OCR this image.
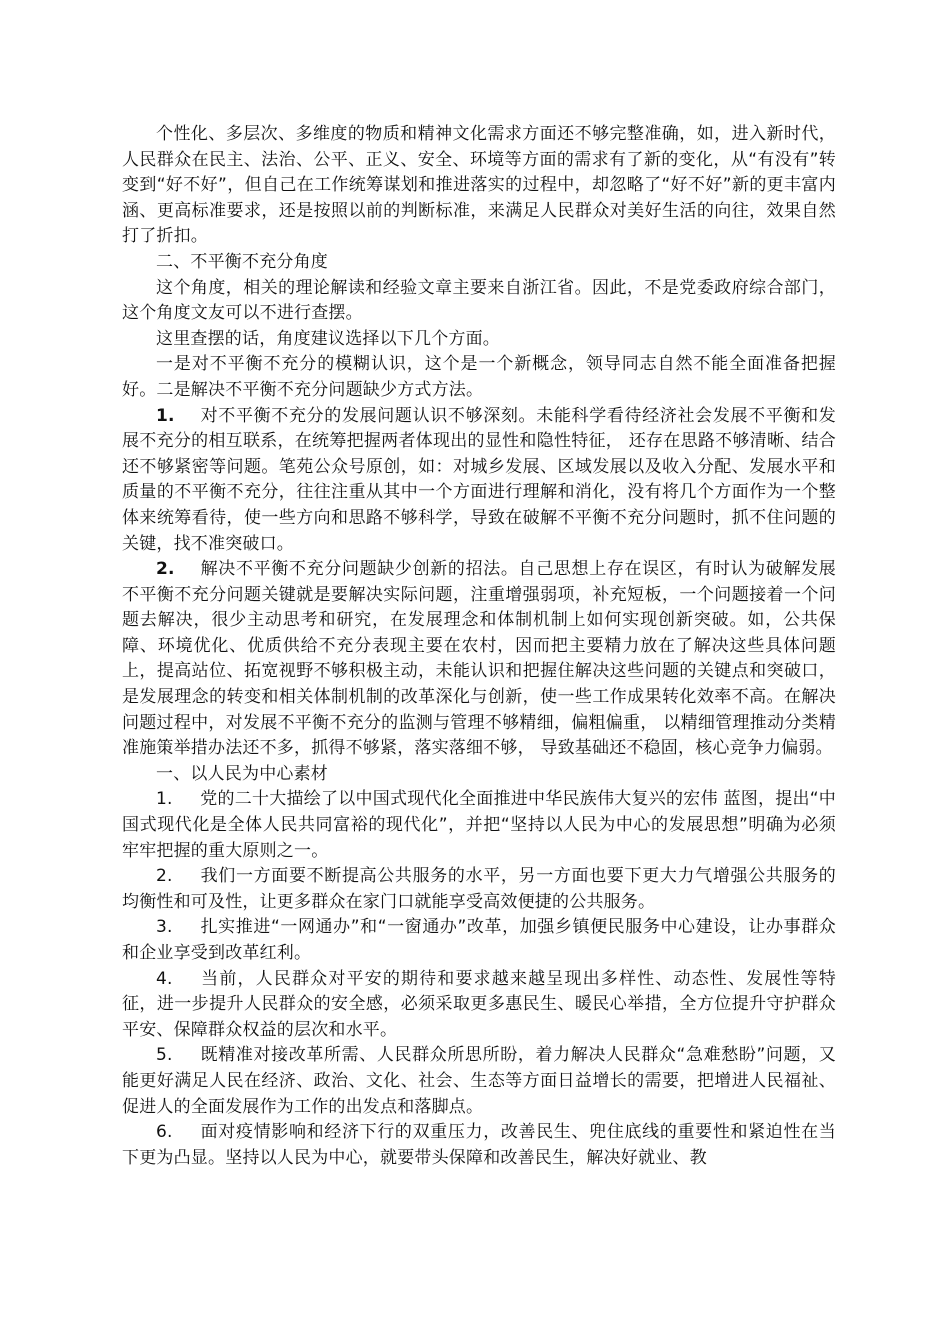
个性化、多层次、多维度的物质和精神文化需求方面还不够完整准确，如，进入新时代，人民群众在民主、法治、公平、正义、安全、环境等方面的需求有了新的变化，从“有没有”转变到“好不好”，但自己在工作统筹谋划和推进落实的过程中，却忽略了“好不好”新的更丰富内涵、更高标准要求，还是按照以前的判断标准，来满足人民群众对美好生活的向往，效果自然打了折扣。

二、不平衡不充分角度

这个角度，相关的理论解读和经验文章主要来自浙江省。因此，不是党委政府综合部门，这个角度文友可以不进行查摆。

这里查摆的话，角度建议选择以下几个方面。

一是对不平衡不充分的模糊认识，这个是一个新概念，领导同志自然不能全面准备把握好。二是解决不平衡不充分问题缺少方式方法。

1. 对不平衡不充分的发展问题认识不够深刻。未能科学看待经济社会发展不平衡和发展不充分的相互联系，在统筹把握两者体现出的显性和隐性特征， 还存在思路不够清晰、结合还不够紧密等问题。笔苑公众号原创，如：对城乡发展、区域发展以及收入分配、发展水平和质量的不平衡不充分，往往注重从其中一个方面进行理解和消化，没有将几个方面作为一个整体来统筹看待，使一些方向和思路不够科学，导致在破解不平衡不充分问题时，抓不住问题的关键，找不准突破口。

2. 解决不平衡不充分问题缺少创新的招法。自己思想上存在误区，有时认为破解发展不平衡不充分问题关键就是要解决实际问题，注重增强弱项，补充短板，一个问题接着一个问题去解决，很少主动思考和研究，在发展理念和体制机制上如何实现创新突破。如，公共保障、环境优化、优质供给不充分表现主要在农村，因而把主要精力放在了解决这些具体问题上，提高站位、拓宽视野不够积极主动，未能认识和把握住解决这些问题的关键点和突破口，是发展理念的转变和相关体制机制的改革深化与创新，使一些工作成果转化效率不高。在解决问题过程中，对发展不平衡不充分的监测与管理不够精细，偏粗偏重， 以精细管理推动分类精准施策举措办法还不多，抓得不够紧，落实落细不够， 导致基础还不稳固，核心竞争力偏弱。

一、以人民为中心素材

1. 党的二十大描绘了以中国式现代化全面推进中华民族伟大复兴的宏伟 蓝图，提出“中国式现代化是全体人民共同富裕的现代化”，并把“坚持以人民为中心的发展思想”明确为必须牢牢把握的重大原则之一。

2. 我们一方面要不断提高公共服务的水平，另一方面也要下更大力气增强公共服务的均衡性和可及性，让更多群众在家门口就能享受高效便捷的公共服务。

3. 扎实推进“一网通办”和“一窗通办”改革，加强乡镇便民服务中心建设，让办事群众和企业享受到改革红利。

4. 当前，人民群众对平安的期待和要求越来越呈现出多样性、动态性、发展性等特征，进一步提升人民群众的安全感，必须采取更多惠民生、暖民心举措，全方位提升守护群众平安、保障群众权益的层次和水平。

5. 既精准对接改革所需、人民群众所思所盼，着力解决人民群众“急难愁盼”问题，又能更好满足人民在经济、政治、文化、社会、生态等方面日益增长的需要，把增进人民福祉、促进人的全面发展作为工作的出发点和落脚点。

6. 面对疫情影响和经济下行的双重压力，改善民生、兜住底线的重要性和紧迫性在当下更为凸显。坚持以人民为中心，就要带头保障和改善民生，解决好就业、教
